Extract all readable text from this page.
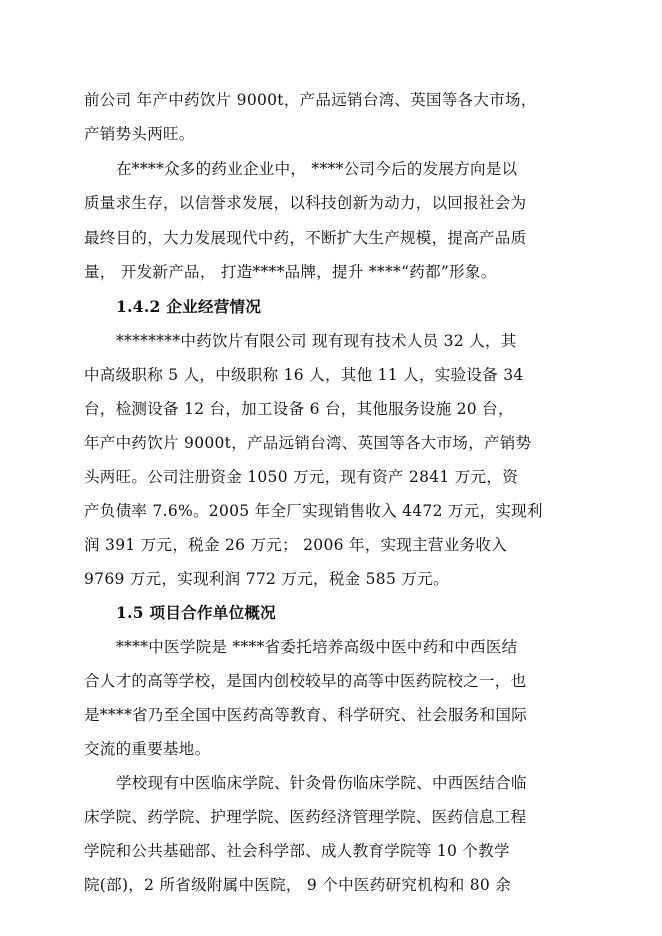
前公司 年产中药饮片 9000t，产品远销台湾、英国等各大市场，
产销势头两旺。
在****众多的药业企业中， ****公司今后的发展方向是以
质量求生存，以信誉求发展，以科技创新为动力，以回报社会为
最终目的，大力发展现代中药，不断扩大生产规模，提高产品质
量， 开发新产品， 打造****品牌，提升 ****“药都”形象。
1.4.2 企业经营情况
********中药饮片有限公司 现有现有技术人员 32 人，其
中高级职称 5 人，中级职称 16 人，其他 11 人，实验设备 34
台，检测设备 12 台，加工设备 6 台，其他服务设施 20 台，
年产中药饮片 9000t，产品远销台湾、英国等各大市场，产销势
头两旺。公司注册资金 1050 万元，现有资产 2841 万元，资
产负债率 7.6%。2005 年全厂实现销售收入 4472 万元，实现利
润 391 万元，税金 26 万元； 2006 年，实现主营业务收入
9769 万元，实现利润 772 万元，税金 585 万元。
1.5 项目合作单位概况
****中医学院是 ****省委托培养高级中医中药和中西医结
合人才的高等学校，是国内创校较早的高等中医药院校之一，也
是****省乃至全国中医药高等教育、科学研究、社会服务和国际
交流的重要基地。
学校现有中医临床学院、针灸骨伤临床学院、中西医结合临
床学院、药学院、护理学院、医药经济管理学院、医药信息工程
学院和公共基础部、社会科学部、成人教育学院等 10 个教学
院(部)，2 所省级附属中医院， 9 个中医药研究机构和 80 余
